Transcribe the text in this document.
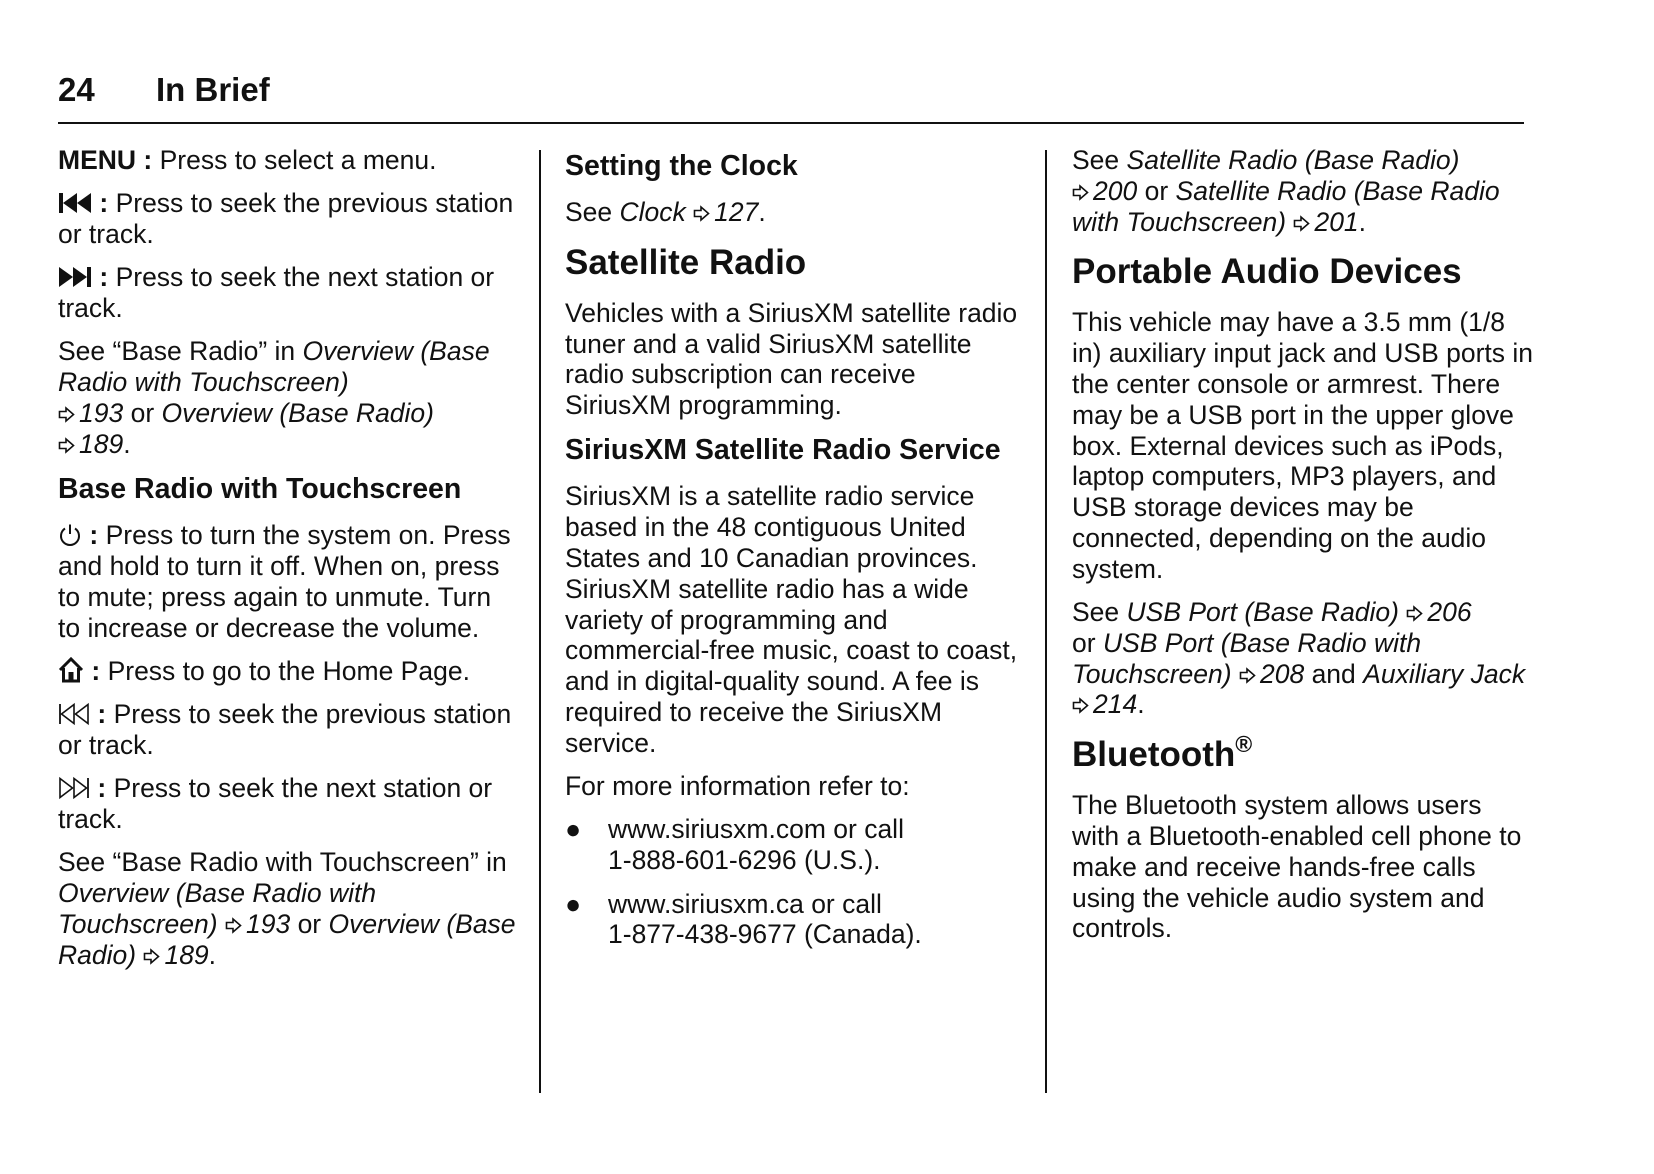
24 In Brief

MENU : Press to select a menu.

: Press to seek the previous station or track.

: Press to seek the next station or track.

See “Base Radio” in Overview (Base Radio with Touchscreen)
193 or Overview (Base Radio)
189.

Base Radio with Touchscreen

: Press to turn the system on. Press and hold to turn it off. When on, press to mute; press again to unmute. Turn to increase or decrease the volume.

: Press to go to the Home Page.

: Press to seek the previous station or track.

: Press to seek the next station or track.

See “Base Radio with Touchscreen” in Overview (Base Radio with Touchscreen) 193 or Overview (Base Radio) 189.

Setting the Clock

See Clock 127.

Satellite Radio

Vehicles with a SiriusXM satellite radio tuner and a valid SiriusXM satellite radio subscription can receive SiriusXM programming.

SiriusXM Satellite Radio Service

SiriusXM is a satellite radio service based in the 48 contiguous United States and 10 Canadian provinces. SiriusXM satellite radio has a wide variety of programming and commercial-free music, coast to coast, and in digital-quality sound. A fee is required to receive the SiriusXM service.

For more information refer to:

● www.siriusxm.com or call
1-888-601-6296 (U.S.).
● www.siriusxm.ca or call
1-877-438-9677 (Canada).

See Satellite Radio (Base Radio)
200 or Satellite Radio (Base Radio with Touchscreen) 201.

Portable Audio Devices

This vehicle may have a 3.5 mm (1/8 in) auxiliary input jack and USB ports in the center console or armrest. There may be a USB port in the upper glove box. External devices such as iPods, laptop computers, MP3 players, and USB storage devices may be connected, depending on the audio system.

See USB Port (Base Radio) 206
or USB Port (Base Radio with Touchscreen) 208 and Auxiliary Jack 214.

Bluetooth®

The Bluetooth system allows users with a Bluetooth-enabled cell phone to make and receive hands-free calls using the vehicle audio system and controls.
